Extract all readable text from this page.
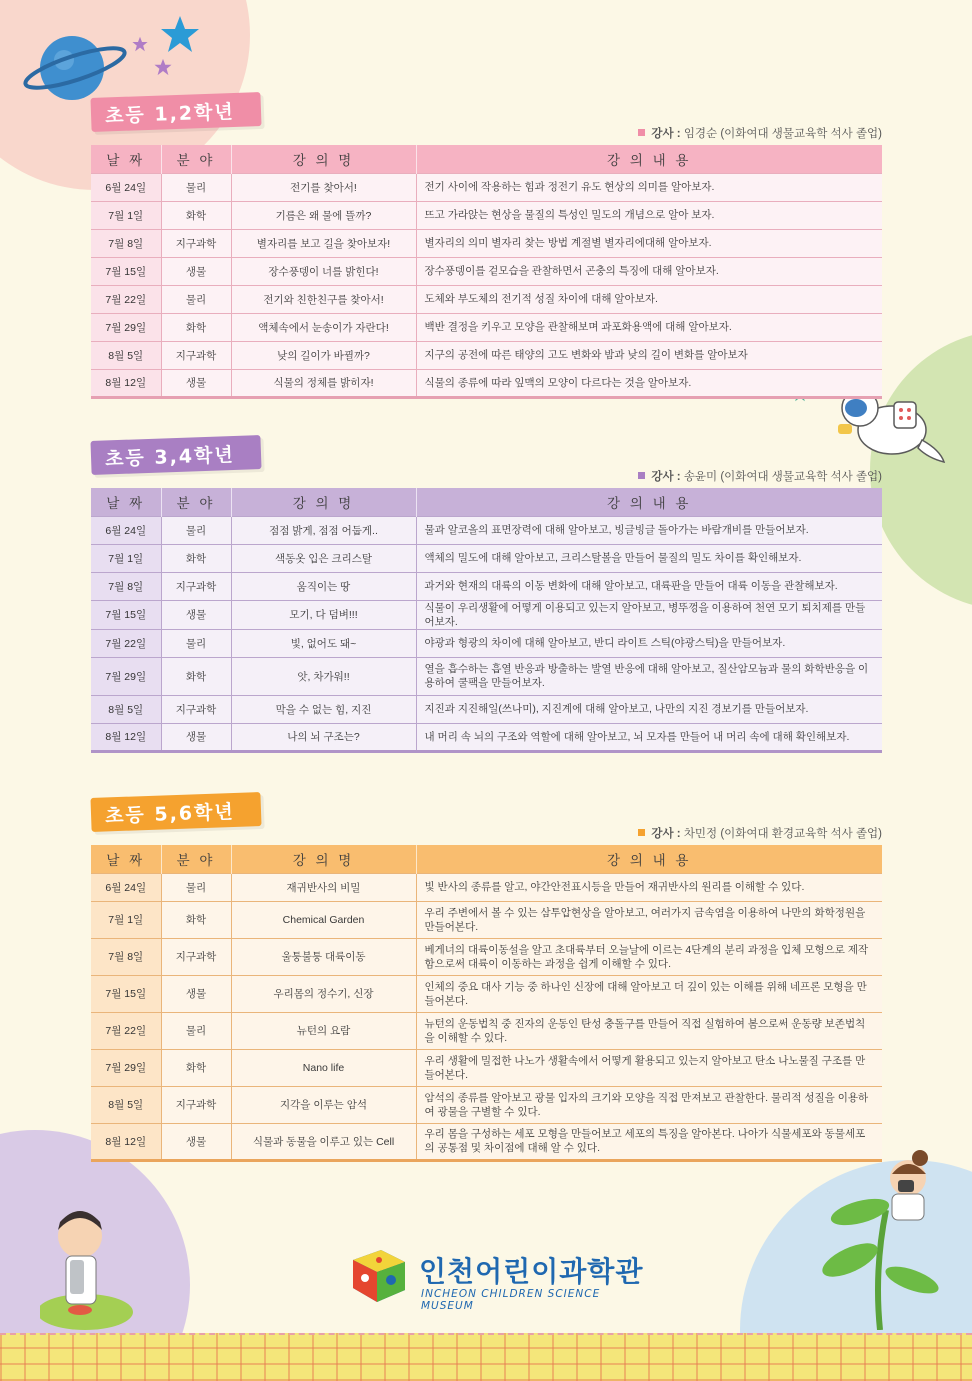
초등 1,2학년
강사 : 임경순 (이화여대 생물교육학 석사 졸업)
날 짜	분 야	강 의 명	강 의 내 용
6월 24일	물리	전기를 찾아서!	전기 사이에 작용하는 힘과 정전기 유도 현상의 의미를 알아보자.
7월 1일	화학	기름은 왜 물에 뜰까?	뜨고 가라앉는 현상을 물질의 특성인 밀도의 개념으로 알아 보자.
7월 8일	지구과학	별자리를 보고 길을 찾아보자!	별자리의 의미 별자리 찾는 방법 계절별 별자리에대해 알아보자.
7월 15일	생물	장수풍뎅이 너를 밝힌다!	장수풍뎅이를 겉모습을 관찰하면서 곤충의 특징에 대해 알아보자.
7월 22일	물리	전기와 친한친구를 찾아서!	도체와 부도체의 전기적 성질 차이에 대해 알아보자.
7월 29일	화학	액체속에서 눈송이가 자란다!	백반 결정을 키우고 모양을 관찰해보며 과포화용액에 대해 알아보자.
8월 5일	지구과학	낮의 길이가 바뀔까?	지구의 공전에 따른 태양의 고도 변화와 밤과 낮의 길이 변화를 알아보자
8월 12일	생물	식물의 정체를 밝히자!	식물의 종류에 따라 잎맥의 모양이 다르다는 것을 알아보자.
초등 3,4학년
강사 : 송윤미 (이화여대 생물교육학 석사 졸업)
날 짜	분 야	강 의 명	강 의 내 용
6월 24일	물리	점점 밝게, 점점 어둡게..	물과 알코올의 표면장력에 대해 알아보고, 빙글빙글 돌아가는 바람개비를 만들어보자.
7월 1일	화학	색동옷 입은 크리스탈	액체의 밀도에 대해 알아보고, 크리스탈볼을 만들어 물질의 밀도 차이를 확인해보자.
7월 8일	지구과학	움직이는 땅	과거와 현재의 대륙의 이동 변화에 대해 알아보고, 대륙판을 만들어 대륙 이동을 관찰해보자.
7월 15일	생물	모기, 다 덤벼!!!	식물이 우리생활에 어떻게 이용되고 있는지 알아보고, 병뚜껑을 이용하여 천연 모기 퇴치제를 만들어보자.
7월 22일	물리	빛, 없어도 돼~	야광과 형광의 차이에 대해 알아보고, 반디 라이트 스틱(야광스틱)을 만들어보자.
7월 29일	화학	앗, 차가워!!	열을 흡수하는 흡열 반응과 방출하는 발열 반응에 대해 알아보고, 질산암모늄과 물의 화학반응을 이용하여 쿨팩을 만들어보자.
8월 5일	지구과학	막을 수 없는 힘, 지진	지진과 지진해일(쓰나미), 지진계에 대해 알아보고, 나만의 지진 경보기를 만들어보자.
8월 12일	생물	나의 뇌 구조는?	내 머리 속 뇌의 구조와 역할에 대해 알아보고, 뇌 모자를 만들어 내 머리 속에 대해 확인해보자.
초등 5,6학년
강사 : 차민정 (이화여대 환경교육학 석사 졸업)
날 짜	분 야	강 의 명	강 의 내 용
6월 24일	물리	재귀반사의 비밀	빛 반사의 종류를 알고, 야간안전표시등을 만들어 재귀반사의 원리를 이해할 수 있다.
7월 1일	화학	Chemical Garden	우리 주변에서 볼 수 있는 삼투압현상을 알아보고, 여러가지 금속염을 이용하여 나만의 화학정원을 만들어본다.
7월 8일	지구과학	울퉁불퉁 대륙이동	베게너의 대륙이동설을 알고 초대륙부터 오늘날에 이르는 4단계의 분리 과정을 입체 모형으로 제작함으로써 대륙이 이동하는 과정을 쉽게 이해할 수 있다.
7월 15일	생물	우리몸의 정수기, 신장	인체의 중요 대사 기능 중 하나인 신장에 대해 알아보고 더 깊이 있는 이해를 위해 네프론 모형을 만들어본다.
7월 22일	물리	뉴턴의 요람	뉴턴의 운동법칙 중 진자의 운동인 탄성 충돌구를 만들어 직접 실험하여 봄으로써 운동량 보존법칙을 이해할 수 있다.
7월 29일	화학	Nano life	우리 생활에 밀접한 나노가 생활속에서 어떻게 활용되고 있는지 알아보고 탄소 나노물질 구조를 만들어본다.
8월 5일	지구과학	지각을 이루는 암석	암석의 종류를 알아보고 광물 입자의 크기와 모양을 직접 만져보고 관찰한다. 물리적 성질을 이용하여 광물을 구별할 수 있다.
8월 12일	생물	식물과 동물을 이루고 있는 Cell	우리 몸을 구성하는 세포 모형을 만들어보고 세포의 특징을 알아본다. 나아가 식물세포와 동물세포의 공통점 및 차이점에 대해 알 수 있다.
인천어린이과학관
INCHEON CHILDREN SCIENCE MUSEUM
